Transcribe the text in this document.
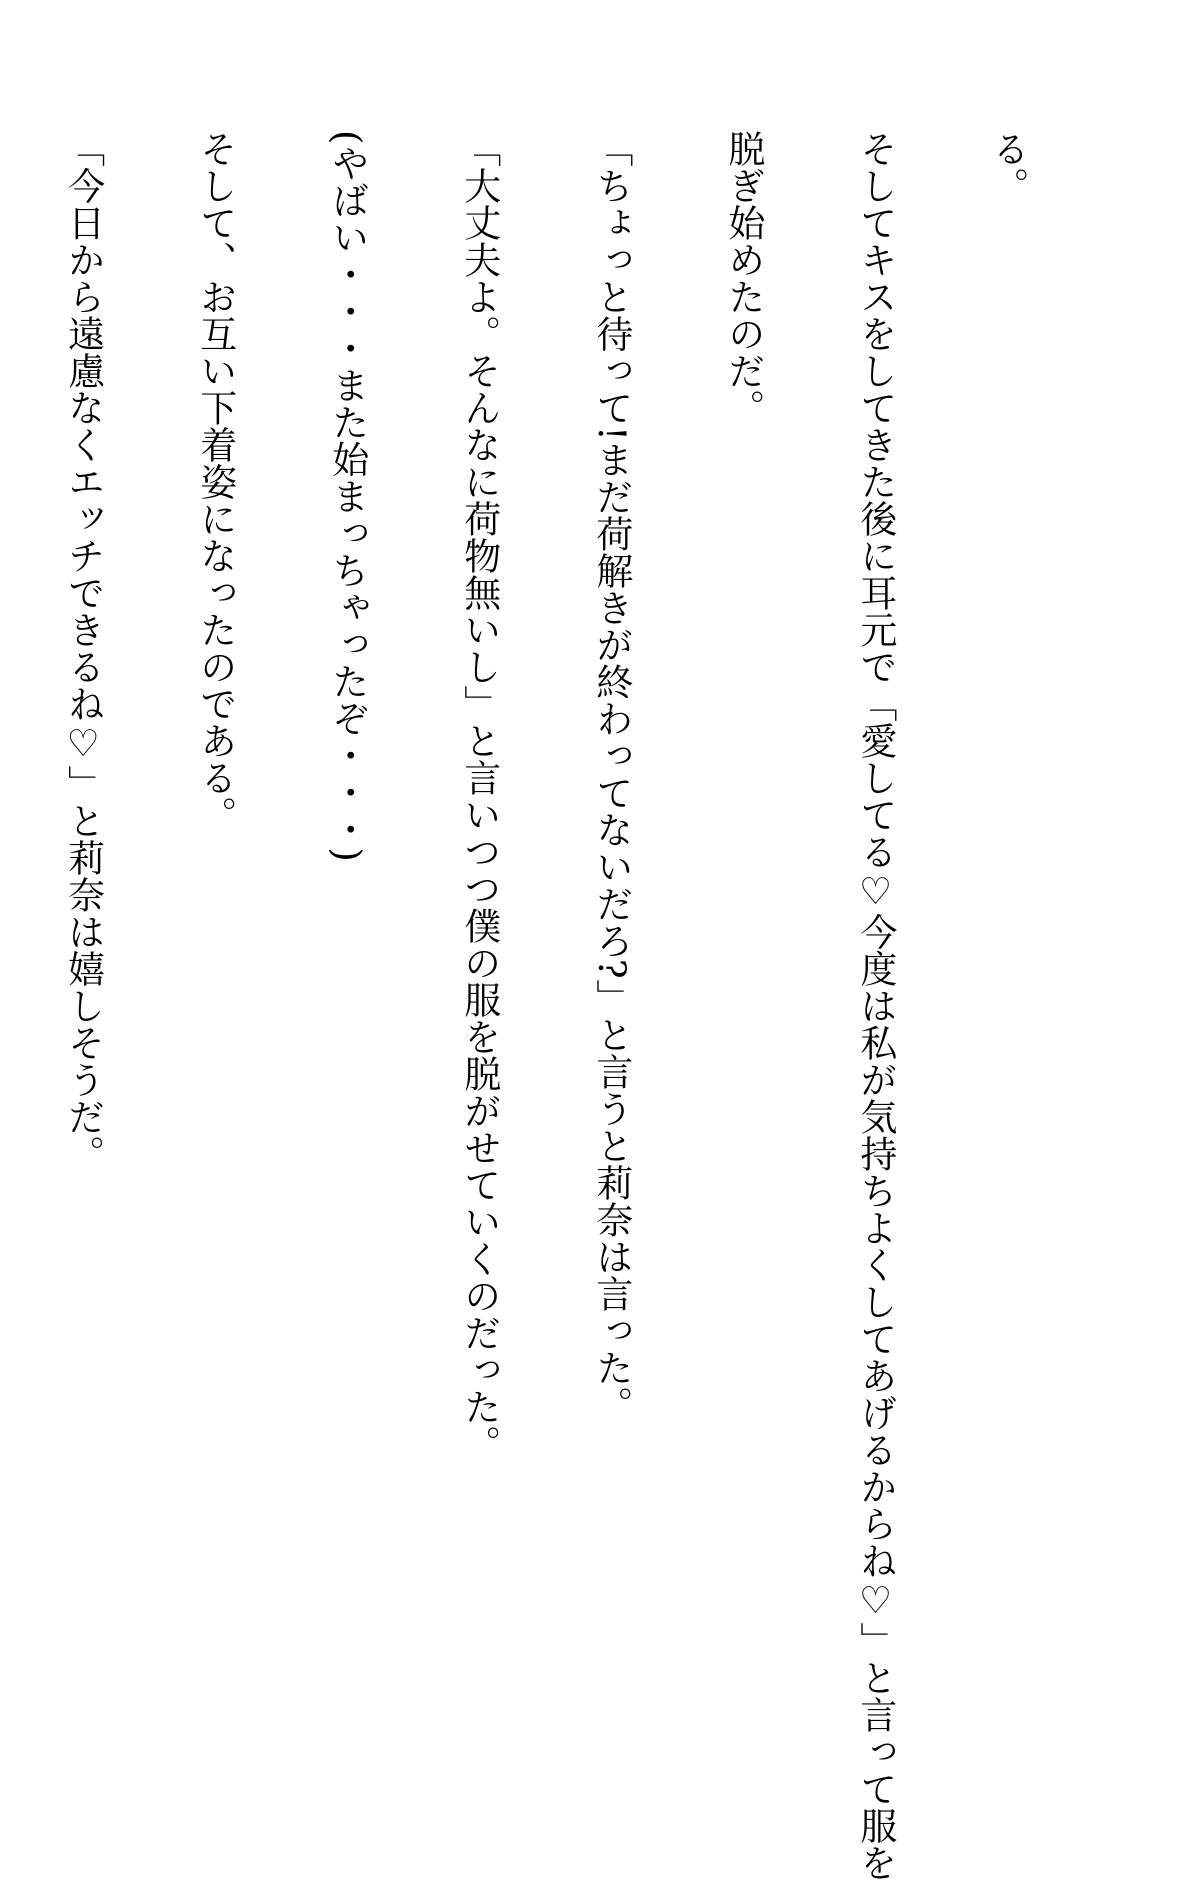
る。

そしてキスをしてきた後に耳元で「愛してる♡今度は私が気持ちよくしてあげるからね♡」と言って服を

脱ぎ始めたのだ。

「ちょっと待って!まだ荷解きが終わってないだろ?」と言うと莉奈は言った。

「大丈夫よ。そんなに荷物無いし」と言いつつ僕の服を脱がせていくのだった。

(やばい・・・また始まっちゃったぞ・・・)

そして、お互い下着姿になったのである。

「今日から遠慮なくエッチできるね♡」と莉奈は嬉しそうだ。
